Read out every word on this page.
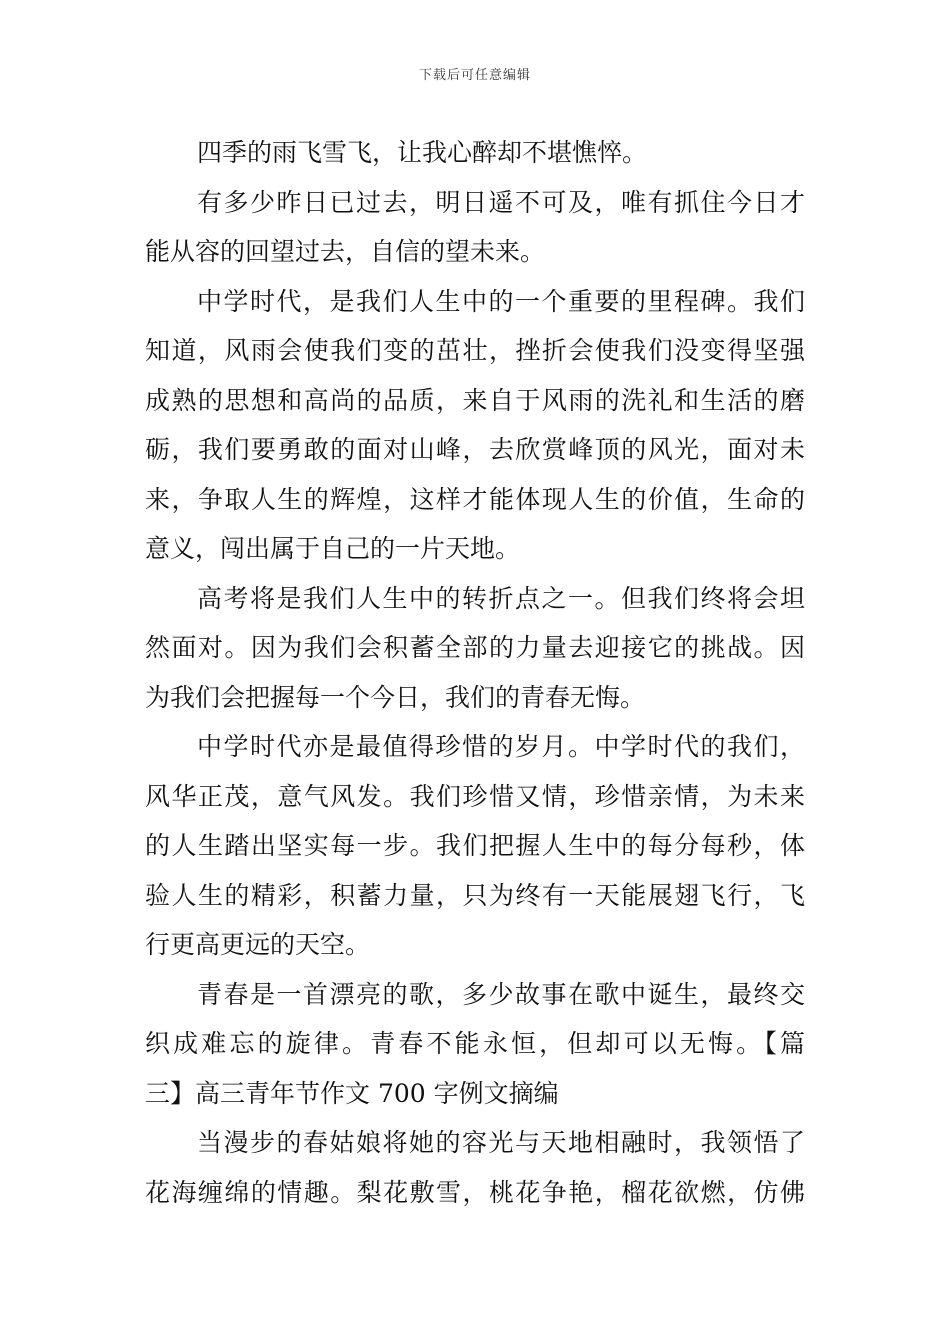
下载后可任意编辑
四季的雨飞雪飞，让我心醉却不堪憔悴。
有多少昨日已过去，明日遥不可及，唯有抓住今日才
能从容的回望过去，自信的望未来。
中学时代，是我们人生中的一个重要的里程碑。我们
知道，风雨会使我们变的茁壮，挫折会使我们没变得坚强
成熟的思想和高尚的品质，来自于风雨的洗礼和生活的磨
砺，我们要勇敢的面对山峰，去欣赏峰顶的风光，面对未
来，争取人生的辉煌，这样才能体现人生的价值，生命的
意义，闯出属于自己的一片天地。
高考将是我们人生中的转折点之一。但我们终将会坦
然面对。因为我们会积蓄全部的力量去迎接它的挑战。因
为我们会把握每一个今日，我们的青春无悔。
中学时代亦是最值得珍惜的岁月。中学时代的我们，
风华正茂，意气风发。我们珍惜又情，珍惜亲情，为未来
的人生踏出坚实每一步。我们把握人生中的每分每秒，体
验人生的精彩，积蓄力量，只为终有一天能展翅飞行，飞
行更高更远的天空。
青春是一首漂亮的歌，多少故事在歌中诞生，最终交
织成难忘的旋律。青春不能永恒，但却可以无悔。【篇
三】高三青年节作文 700 字例文摘编
当漫步的春姑娘将她的容光与天地相融时，我领悟了
花海缠绵的情趣。梨花敷雪，桃花争艳，榴花欲燃，仿佛
